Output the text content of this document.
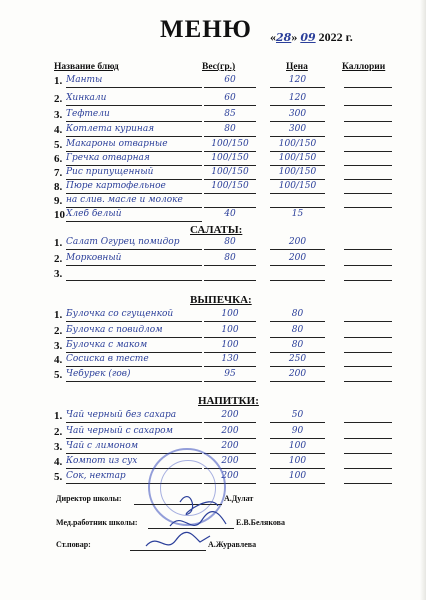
МЕНЮ «28» 09 2022 г.
Название блюд	Вес(гр.)	Цена	Каллории
1. Манты	60	120
2. Хинкали	60	120
3. Тефтели	85	300
4. Котлета куриная	80	300
5. Макароны отварные	100/150	100/150
6. Гречка отварная	100/150	100/150
7. Рис припущенный	100/150	100/150
8. Пюре картофельное	100/150	100/150
9. на слив. масле и молоке
10 Хлеб белый	40	15
САЛАТЫ:
1. Салат Огурец помидор	80	200
2. Морковный	80	200
3.
ВЫПЕЧКА:
1. Булочка со сгущенкой	100	80
2. Булочка с повидлом	100	80
3. Булочка с маком	100	80
4. Сосиска в тесте	130	250
5. Чебурек (гов)	95	200
НАПИТКИ:
1. Чай черный без сахара	200	50
2. Чай черный с сахаром	200	90
3. Чай с лимоном	200	100
4. Компот из сух	200	100
5. Сок, нектар	200	100
Директор школы:	А.Дулат
Мед.работник школы:	Е.В.Белякова
Ст.повар:	А.Журавлева
